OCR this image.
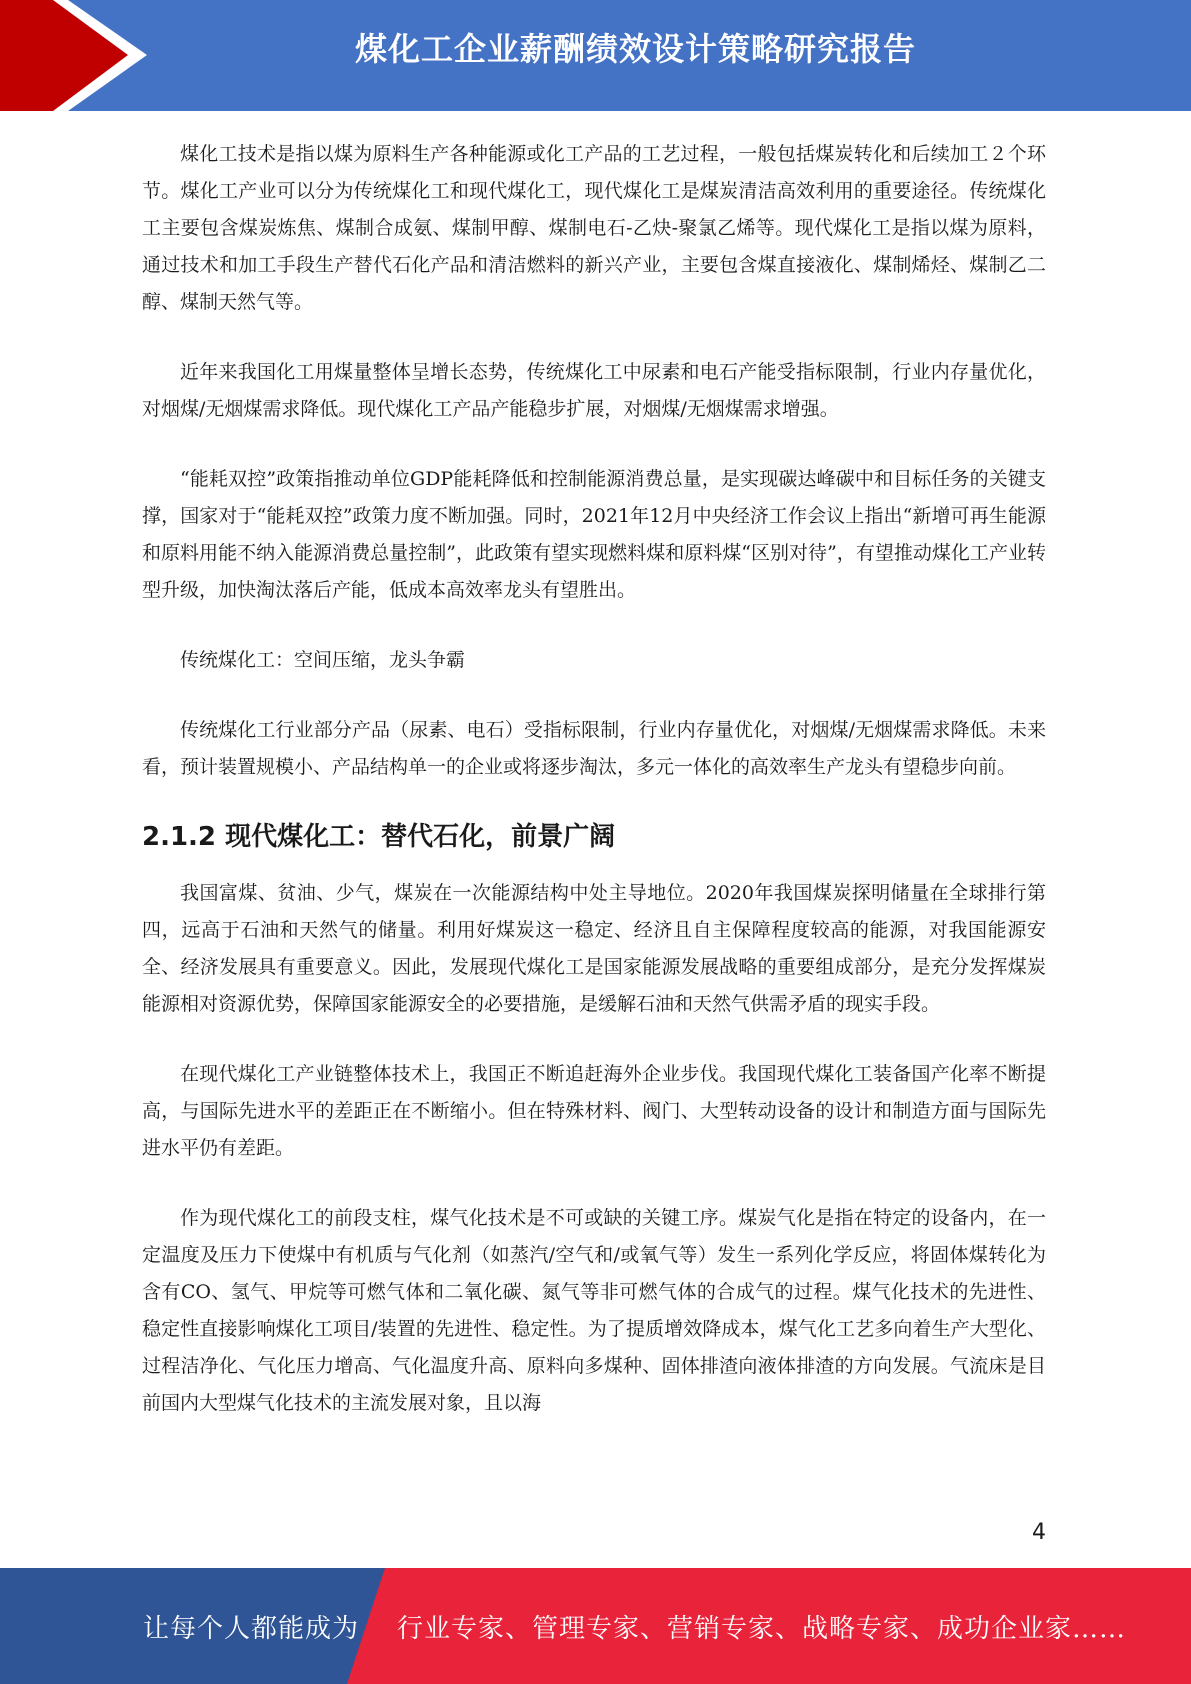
煤化工企业薪酬绩效设计策略研究报告

煤化工技术是指以煤为原料生产各种能源或化工产品的工艺过程，一般包括煤炭转化和后续加工２个环节。煤化工产业可以分为传统煤化工和现代煤化工，现代煤化工是煤炭清洁高效利用的重要途径。传统煤化工主要包含煤炭炼焦、煤制合成氨、煤制甲醇、煤制电石-乙炔-聚氯乙烯等。现代煤化工是指以煤为原料，通过技术和加工手段生产替代石化产品和清洁燃料的新兴产业，主要包含煤直接液化、煤制烯烃、煤制乙二醇、煤制天然气等。

近年来我国化工用煤量整体呈增长态势，传统煤化工中尿素和电石产能受指标限制，行业内存量优化，对烟煤/无烟煤需求降低。现代煤化工产品产能稳步扩展，对烟煤/无烟煤需求增强。

“能耗双控”政策指推动单位GDP能耗降低和控制能源消费总量，是实现碳达峰碳中和目标任务的关键支撑，国家对于“能耗双控”政策力度不断加强。同时，2021年12月中央经济工作会议上指出“新增可再生能源和原料用能不纳入能源消费总量控制”，此政策有望实现燃料煤和原料煤“区别对待”，有望推动煤化工产业转型升级，加快淘汰落后产能，低成本高效率龙头有望胜出。

传统煤化工：空间压缩，龙头争霸

传统煤化工行业部分产品（尿素、电石）受指标限制，行业内存量优化，对烟煤/无烟煤需求降低。未来看，预计装置规模小、产品结构单一的企业或将逐步淘汰，多元一体化的高效率生产龙头有望稳步向前。

2.1.2 现代煤化工：替代石化，前景广阔

我国富煤、贫油、少气，煤炭在一次能源结构中处主导地位。2020年我国煤炭探明储量在全球排行第四，远高于石油和天然气的储量。利用好煤炭这一稳定、经济且自主保障程度较高的能源，对我国能源安全、经济发展具有重要意义。因此，发展现代煤化工是国家能源发展战略的重要组成部分，是充分发挥煤炭能源相对资源优势，保障国家能源安全的必要措施，是缓解石油和天然气供需矛盾的现实手段。

在现代煤化工产业链整体技术上，我国正不断追赶海外企业步伐。我国现代煤化工装备国产化率不断提高，与国际先进水平的差距正在不断缩小。但在特殊材料、阀门、大型转动设备的设计和制造方面与国际先进水平仍有差距。

作为现代煤化工的前段支柱，煤气化技术是不可或缺的关键工序。煤炭气化是指在特定的设备内，在一定温度及压力下使煤中有机质与气化剂（如蒸汽/空气和/或氧气等）发生一系列化学反应，将固体煤转化为含有CO、氢气、甲烷等可燃气体和二氧化碳、氮气等非可燃气体的合成气的过程。煤气化技术的先进性、稳定性直接影响煤化工项目/装置的先进性、稳定性。为了提质增效降成本，煤气化工艺多向着生产大型化、过程洁净化、气化压力增高、气化温度升高、原料向多煤种、固体排渣向液体排渣的方向发展。气流床是目前国内大型煤气化技术的主流发展对象，且以海

4
让每个人都能成为 行业专家、管理专家、营销专家、战略专家、成功企业家……
